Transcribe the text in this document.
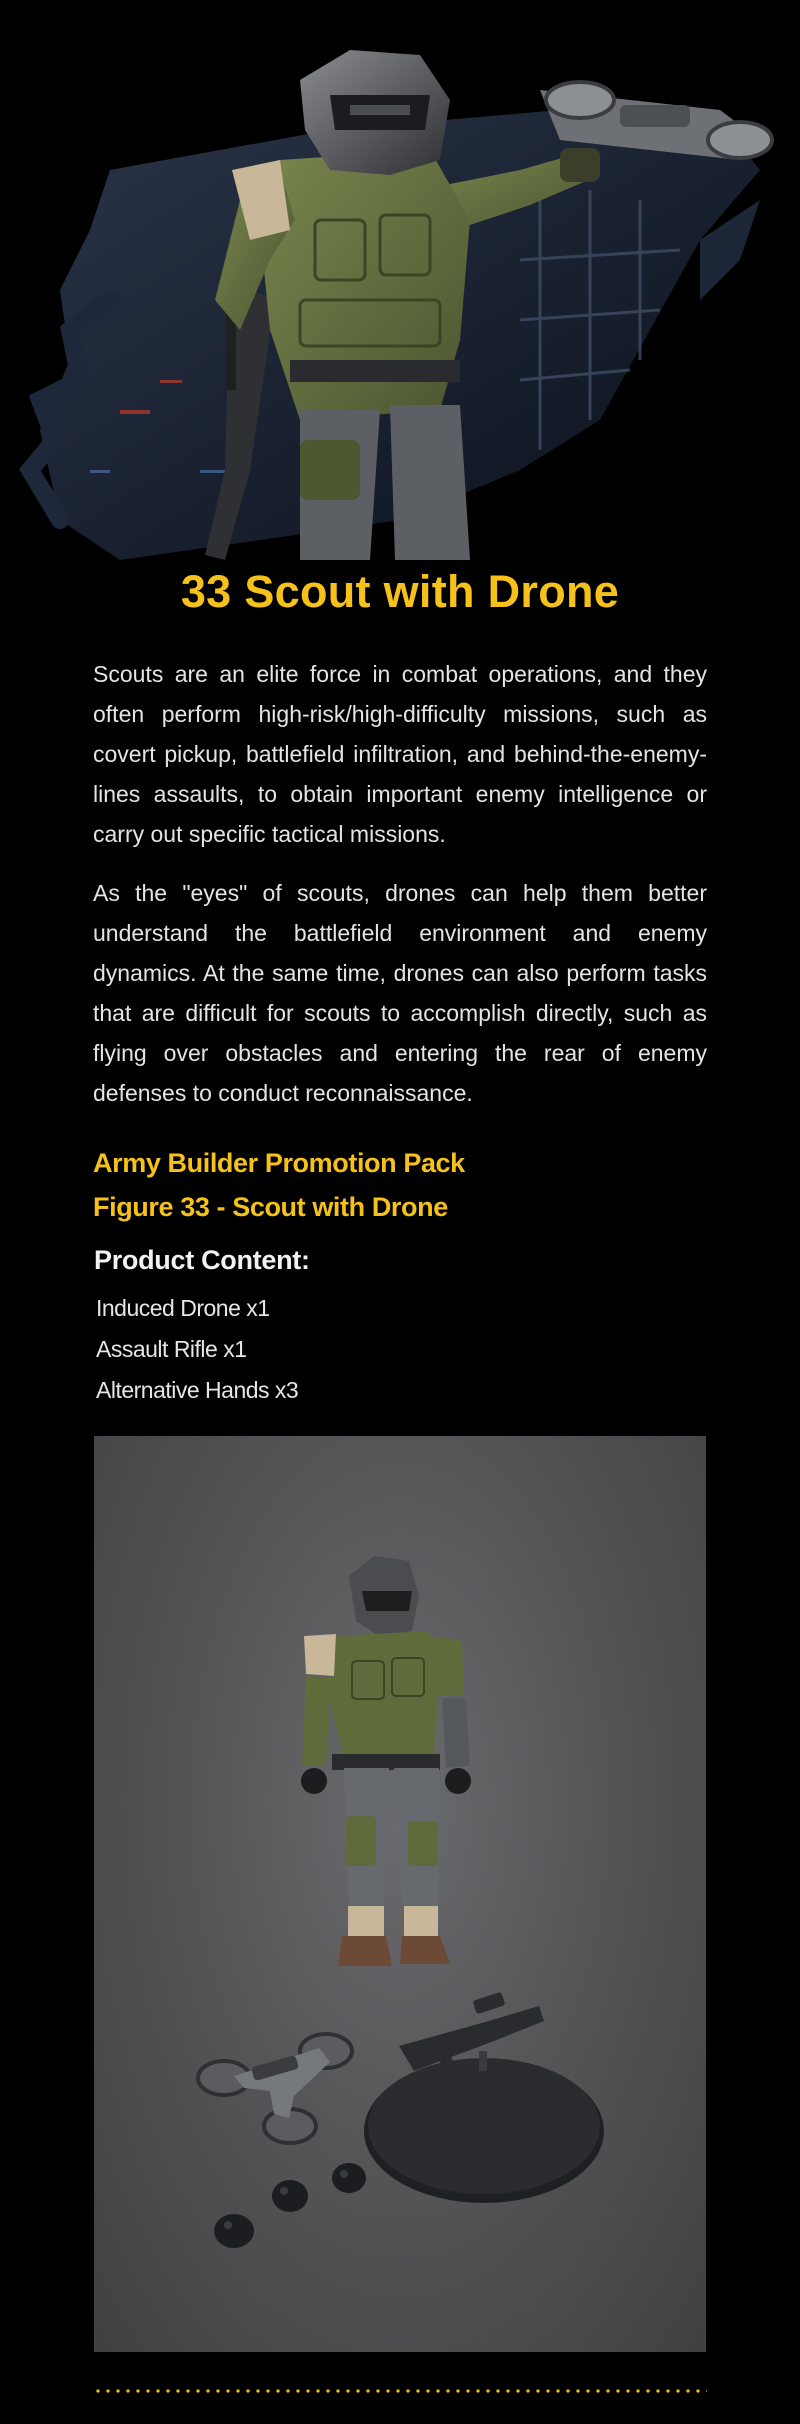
33 Scout with Drone

Scouts are an elite force in combat operations, and they often perform high-risk/high-difficulty missions, such as covert pickup, battlefield infiltration, and behind-the-enemy-lines assaults, to obtain important enemy intelligence or carry out specific tactical missions.

As the "eyes" of scouts, drones can help them better understand the battlefield environment and enemy dynamics. At the same time, drones can also perform tasks that are difficult for scouts to accomplish directly, such as flying over obstacles and entering the rear of enemy defenses to conduct reconnaissance.

Army Builder Promotion Pack
Figure 33 - Scout with Drone
Product Content:
Induced Drone x1
Assault Rifle x1
Alternative Hands x3
